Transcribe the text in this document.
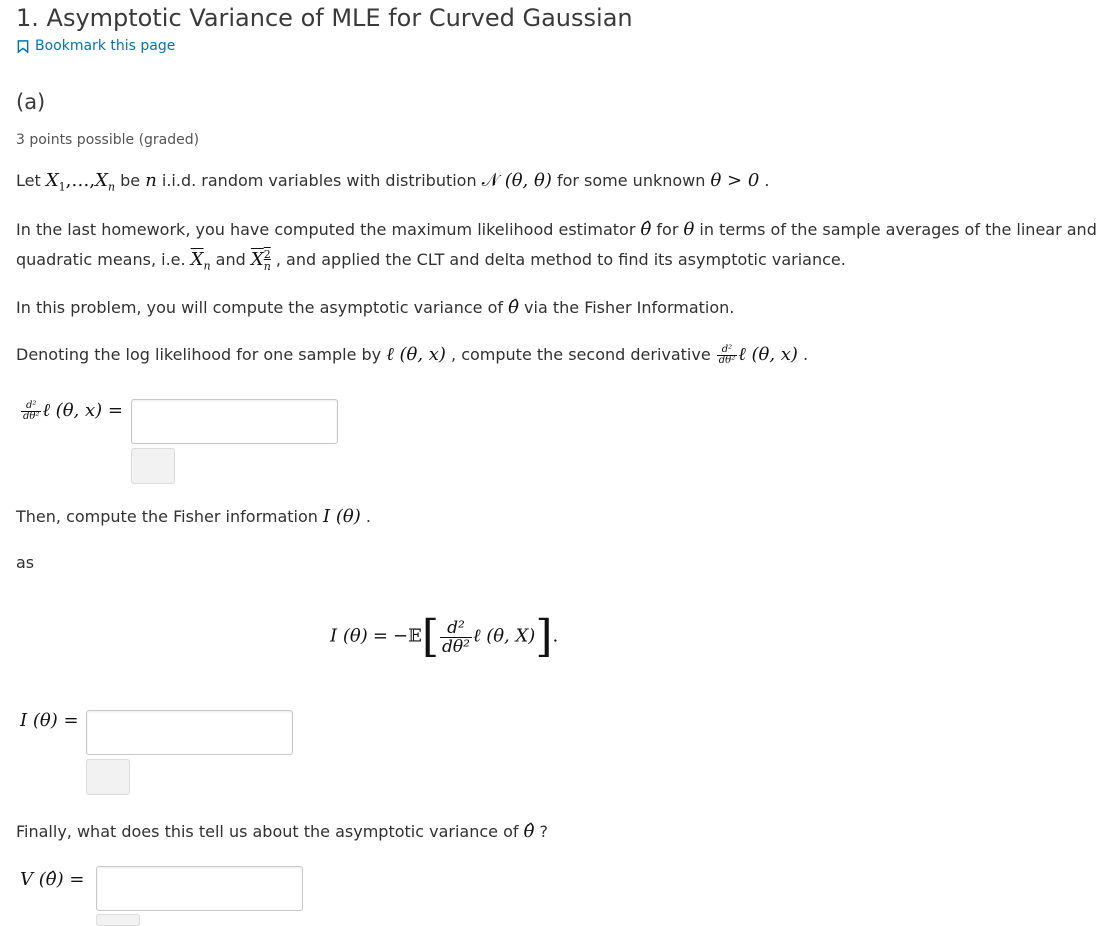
1. Asymptotic Variance of MLE for Curved Gaussian
Bookmark this page
(a)
3 points possible (graded)
Let $X_1,\dots,X_n$ be n i.i.d. random variables with distribution 𝒩 (θ, θ) for some unknown θ > 0 .
In the last homework, you have computed the maximum likelihood estimator θ̂ for θ in terms of the sample averages of the linear and
quadratic means, i.e. $\overline{X}_n$ and $X^2_n$ , and applied the CLT and delta method to find its asymptotic variance.
In this problem, you will compute the asymptotic variance of θ̂ via the Fisher Information.
Denoting the log likelihood for one sample by ℓ (θ, x) , compute the second derivative $\frac{\text{d²}}{\text{dθ²}}$ ℓ (θ, x) .
$\frac{\text{d²}}{\text{dθ²}}$ ℓ (θ, x) =
Then, compute the Fisher information I (θ) .
as
I (θ) = −𝔼[ $\frac{\text{d²}}{\text{dθ²}}$ ℓ (θ, X)].
I (θ) =
Finally, what does this tell us about the asymptotic variance of θ̂ ?
V (θ̂) =
